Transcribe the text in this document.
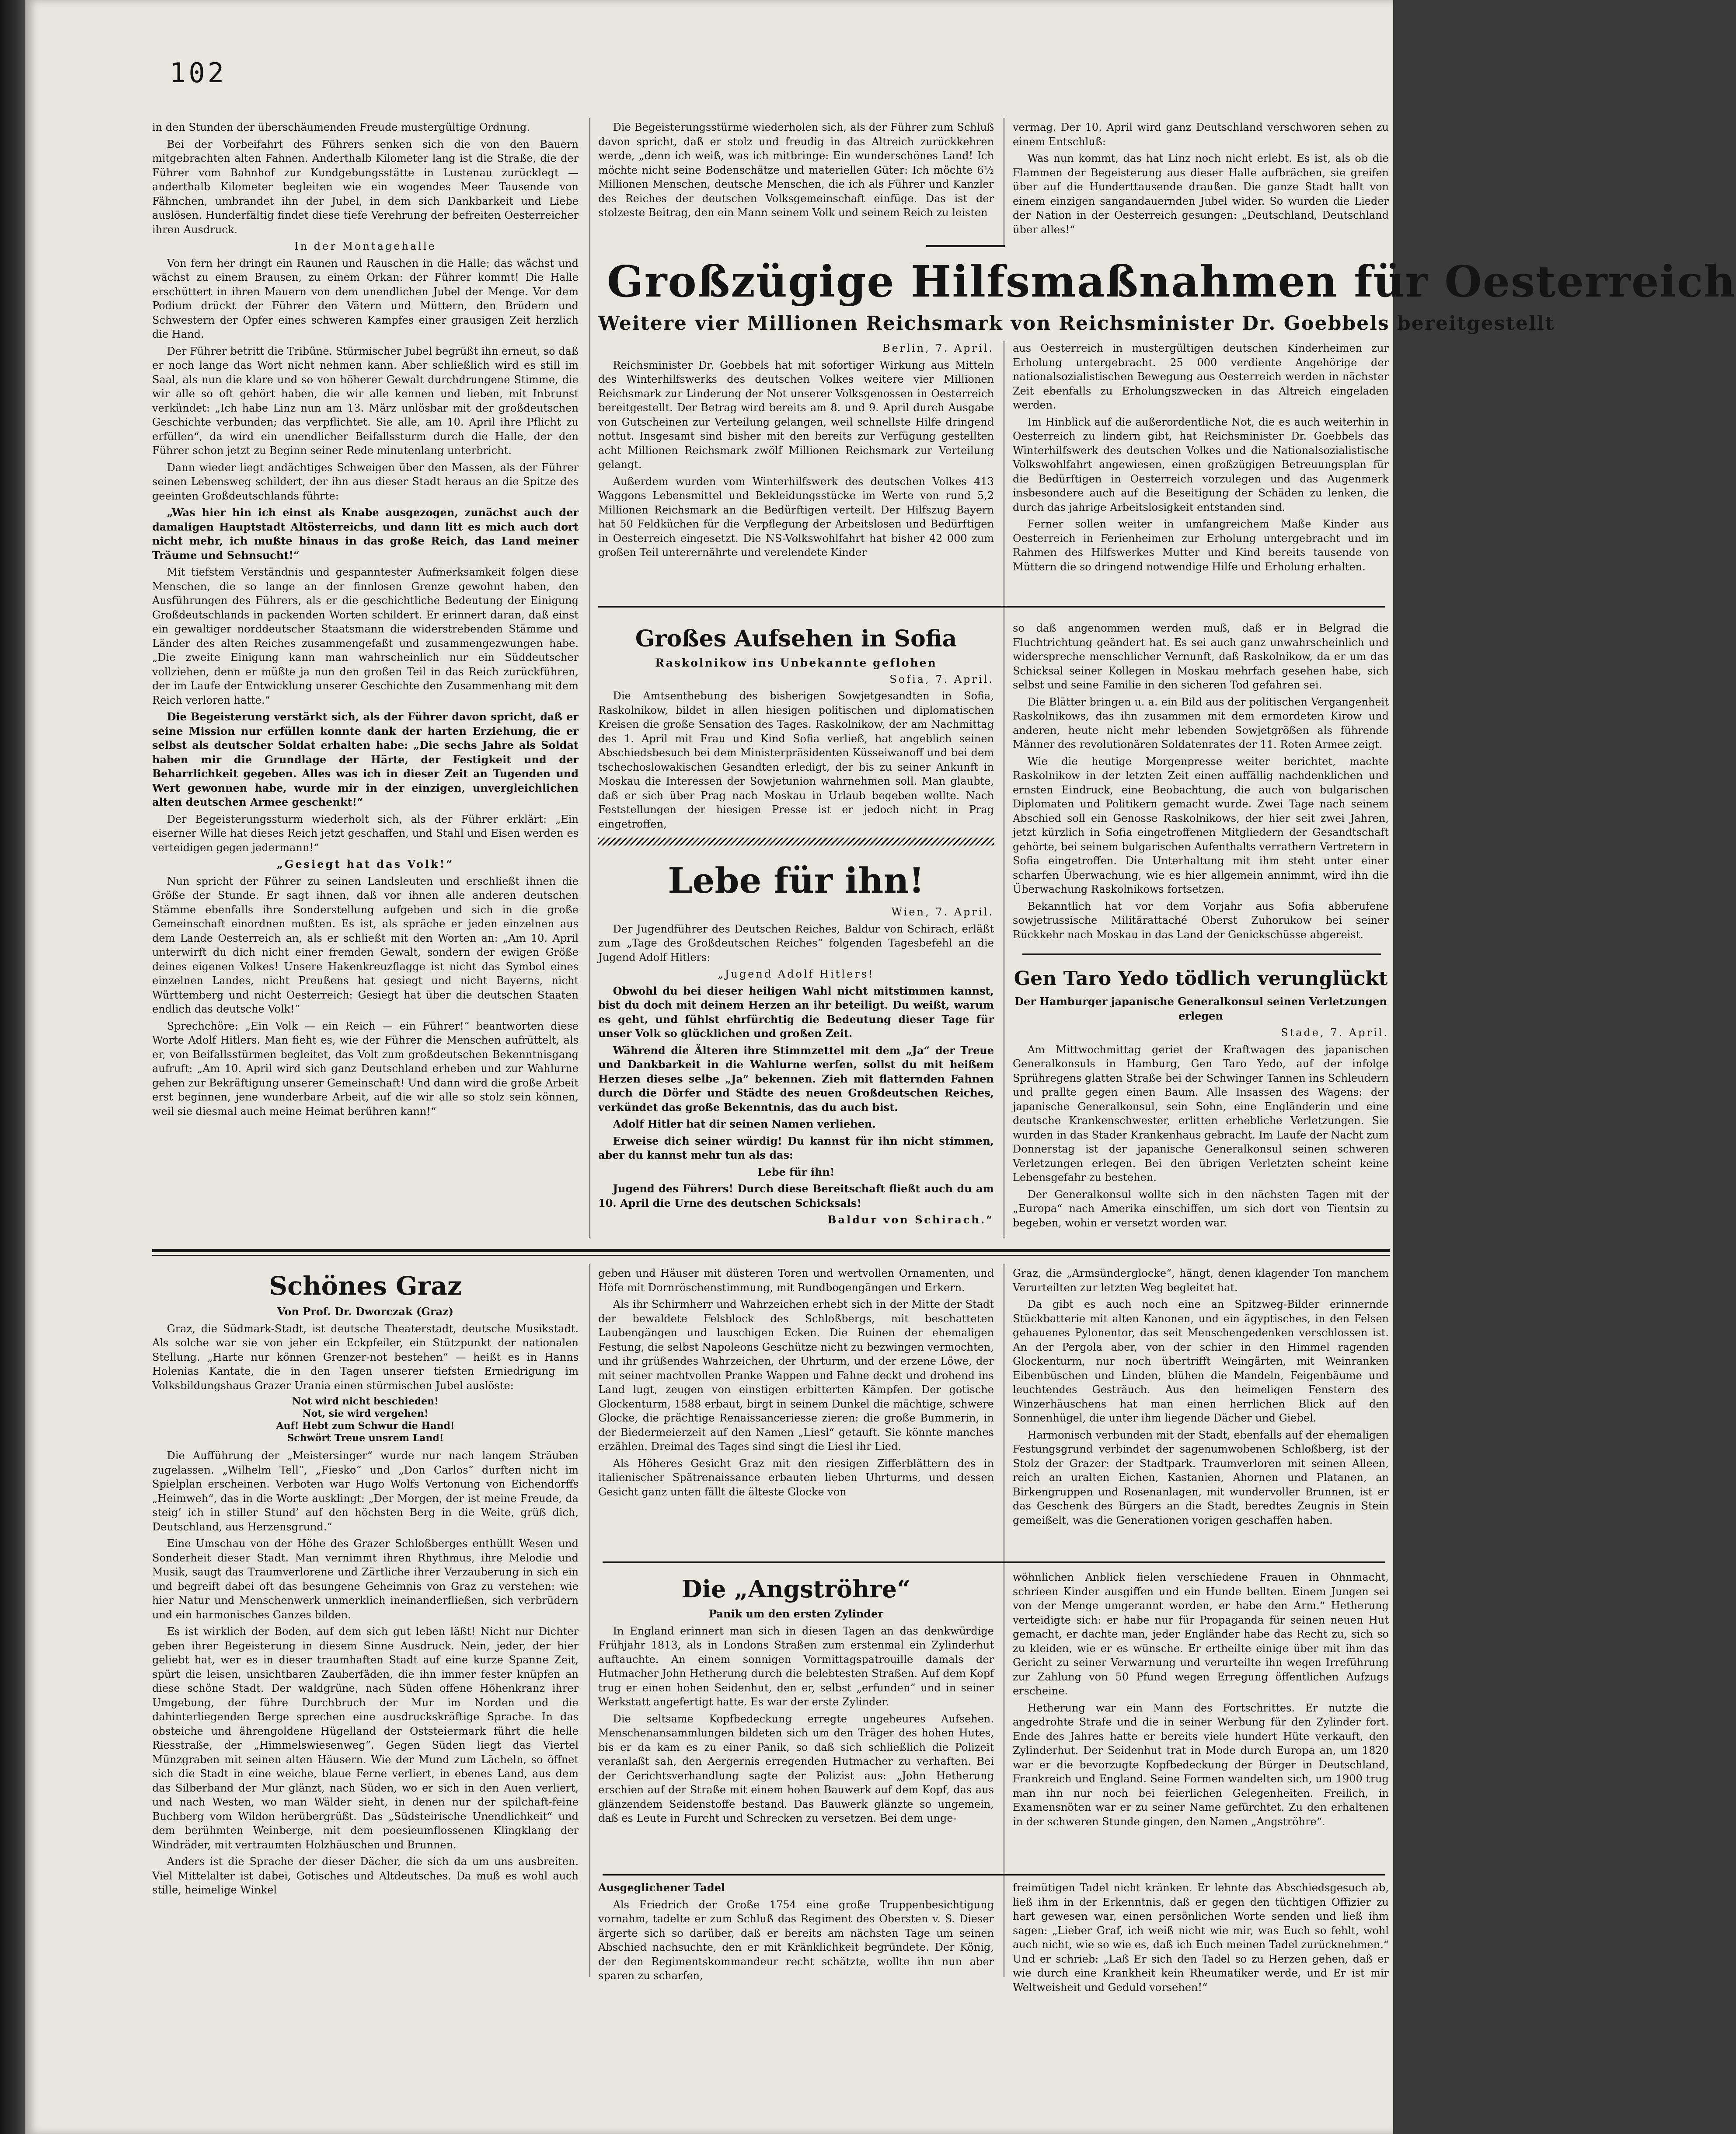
102

in den Stunden der überschäumenden Freude mustergültige Ordnung.

Bei der Vorbeifahrt des Führers senken sich die von den Bauern mitgebrachten alten Fahnen. Anderthalb Kilometer lang ist die Straße, die der Führer vom Bahnhof zur Kundgebungsstätte in Lustenau zurücklegt — anderthalb Kilometer begleiten wie ein wogendes Meer Tausende von Fähnchen, umbrandet ihn der Jubel, in dem sich Dankbarkeit und Liebe auslösen. Hunderfältig findet diese tiefe Verehrung der befreiten Oesterreicher ihren Ausdruck.

In der Montagehalle

Von fern her dringt ein Raunen und Rauschen in die Halle; das wächst und wächst zu einem Brausen, zu einem Orkan: der Führer kommt! Die Halle erschüttert in ihren Mauern von dem unendlichen Jubel der Menge. Vor dem Podium drückt der Führer den Vätern und Müttern, den Brüdern und Schwestern der Opfer eines schweren Kampfes einer grausigen Zeit herzlich die Hand.

Der Führer betritt die Tribüne. Stürmischer Jubel begrüßt ihn erneut, so daß er noch lange das Wort nicht nehmen kann. Aber schließlich wird es still im Saal, als nun die klare und so von höherer Gewalt durchdrungene Stimme, die wir alle so oft gehört haben, die wir alle kennen und lieben, mit Inbrunst verkündet: „Ich habe Linz nun am 13. März unlösbar mit der großdeutschen Geschichte verbunden; das verpflichtet. Sie alle, am 10. April ihre Pflicht zu erfüllen“, da wird ein unendlicher Beifallssturm durch die Halle, der den Führer schon jetzt zu Beginn seiner Rede minutenlang unterbricht.

Dann wieder liegt andächtiges Schweigen über den Massen, als der Führer seinen Lebensweg schildert, der ihn aus dieser Stadt heraus an die Spitze des geeinten Großdeutschlands führte:

„Was hier hin ich einst als Knabe ausgezogen, zunächst auch der damaligen Hauptstadt Altösterreichs, und dann litt es mich auch dort nicht mehr, ich mußte hinaus in das große Reich, das Land meiner Träume und Sehnsucht!“

Mit tiefstem Verständnis und gespanntester Aufmerksamkeit folgen diese Menschen, die so lange an der finnlosen Grenze gewohnt haben, den Ausführungen des Führers, als er die geschichtliche Bedeutung der Einigung Großdeutschlands in packenden Worten schildert. Er erinnert daran, daß einst ein gewaltiger norddeutscher Staatsmann die widerstrebenden Stämme und Länder des alten Reiches zusammengefaßt und zusammengezwungen habe. „Die zweite Einigung kann man wahrscheinlich nur ein Süddeutscher vollziehen, denn er müßte ja nun den großen Teil in das Reich zurückführen, der im Laufe der Entwicklung unserer Geschichte den Zusammenhang mit dem Reich verloren hatte.“

Die Begeisterung verstärkt sich, als der Führer davon spricht, daß er seine Mission nur erfüllen konnte dank der harten Erziehung, die er selbst als deutscher Soldat erhalten habe: „Die sechs Jahre als Soldat haben mir die Grundlage der Härte, der Festigkeit und der Beharrlichkeit gegeben. Alles was ich in dieser Zeit an Tugenden und Wert gewonnen habe, wurde mir in der einzigen, unvergleichlichen alten deutschen Armee geschenkt!“

Der Begeisterungssturm wiederholt sich, als der Führer erklärt: „Ein eiserner Wille hat dieses Reich jetzt geschaffen, und Stahl und Eisen werden es verteidigen gegen jedermann!“

„Gesiegt hat das Volk!“

Nun spricht der Führer zu seinen Landsleuten und erschließt ihnen die Größe der Stunde. Er sagt ihnen, daß vor ihnen alle anderen deutschen Stämme ebenfalls ihre Sonderstellung aufgeben und sich in die große Gemeinschaft einordnen mußten. Es ist, als spräche er jeden einzelnen aus dem Lande Oesterreich an, als er schließt mit den Worten an: „Am 10. April unterwirft du dich nicht einer fremden Gewalt, sondern der ewigen Größe deines eigenen Volkes! Unsere Hakenkreuzflagge ist nicht das Symbol eines einzelnen Landes, nicht Preußens hat gesiegt und nicht Bayerns, nicht Württemberg und nicht Oesterreich: Gesiegt hat über die deutschen Staaten endlich das deutsche Volk!“

Sprechchöre: „Ein Volk — ein Reich — ein Führer!“ beantworten diese Worte Adolf Hitlers. Man fieht es, wie der Führer die Menschen aufrüttelt, als er, von Beifallsstürmen begleitet, das Volt zum großdeutschen Bekenntnisgang aufruft: „Am 10. April wird sich ganz Deutschland erheben und zur Wahlurne gehen zur Bekräftigung unserer Gemeinschaft! Und dann wird die große Arbeit erst beginnen, jene wunderbare Arbeit, auf die wir alle so stolz sein können, weil sie diesmal auch meine Heimat berühren kann!“

Die Begeisterungsstürme wiederholen sich, als der Führer zum Schluß davon spricht, daß er stolz und freudig in das Altreich zurückkehren werde, „denn ich weiß, was ich mitbringe: Ein wunderschönes Land! Ich möchte nicht seine Bodenschätze und materiellen Güter: Ich möchte 6½ Millionen Menschen, deutsche Menschen, die ich als Führer und Kanzler des Reiches der deutschen Volksgemeinschaft einfüge. Das ist der stolzeste Beitrag, den ein Mann seinem Volk und seinem Reich zu leisten

vermag. Der 10. April wird ganz Deutschland verschworen sehen zu einem Entschluß:

Was nun kommt, das hat Linz noch nicht erlebt. Es ist, als ob die Flammen der Begeisterung aus dieser Halle aufbrächen, sie greifen über auf die Hunderttausende draußen. Die ganze Stadt hallt von einem einzigen sangandauernden Jubel wider. So wurden die Lieder der Nation in der Oesterreich gesungen: „Deutschland, Deutschland über alles!“

Großzügige Hilfsmaßnahmen für Oesterreich
Weitere vier Millionen Reichsmark von Reichsminister Dr. Goebbels bereitgestellt

Berlin, 7. April.

Reichsminister Dr. Goebbels hat mit sofortiger Wirkung aus Mitteln des Winterhilfswerks des deutschen Volkes weitere vier Millionen Reichsmark zur Linderung der Not unserer Volksgenossen in Oesterreich bereitgestellt. Der Betrag wird bereits am 8. und 9. April durch Ausgabe von Gutscheinen zur Verteilung gelangen, weil schnellste Hilfe dringend nottut. Insgesamt sind bisher mit den bereits zur Verfügung gestellten acht Millionen Reichsmark zwölf Millionen Reichsmark zur Verteilung gelangt.

Außerdem wurden vom Winterhilfswerk des deutschen Volkes 413 Waggons Lebensmittel und Bekleidungsstücke im Werte von rund 5,2 Millionen Reichsmark an die Bedürftigen verteilt. Der Hilfszug Bayern hat 50 Feldküchen für die Verpflegung der Arbeitslosen und Bedürftigen in Oesterreich eingesetzt. Die NS-Volkswohlfahrt hat bisher 42 000 zum großen Teil unterernährte und verelendete Kinder

aus Oesterreich in mustergültigen deutschen Kinderheimen zur Erholung untergebracht. 25 000 verdiente Angehörige der nationalsozialistischen Bewegung aus Oesterreich werden in nächster Zeit ebenfalls zu Erholungszwecken in das Altreich eingeladen werden.

Im Hinblick auf die außerordentliche Not, die es auch weiterhin in Oesterreich zu lindern gibt, hat Reichsminister Dr. Goebbels das Winterhilfswerk des deutschen Volkes und die Nationalsozialistische Volkswohlfahrt angewiesen, einen großzügigen Betreuungsplan für die Bedürftigen in Oesterreich vorzulegen und das Augenmerk insbesondere auch auf die Beseitigung der Schäden zu lenken, die durch das jahrige Arbeitslosigkeit entstanden sind.

Ferner sollen weiter in umfangreichem Maße Kinder aus Oesterreich in Ferienheimen zur Erholung untergebracht und im Rahmen des Hilfswerkes Mutter und Kind bereits tausende von Müttern die so dringend notwendige Hilfe und Erholung erhalten.

Großes Aufsehen in Sofia
Raskolnikow ins Unbekannte geflohen

Sofia, 7. April.

Die Amtsenthebung des bisherigen Sowjetgesandten in Sofia, Raskolnikow, bildet in allen hiesigen politischen und diplomatischen Kreisen die große Sensation des Tages. Raskolnikow, der am Nachmittag des 1. April mit Frau und Kind Sofia verließ, hat angeblich seinen Abschiedsbesuch bei dem Ministerpräsidenten Küsseiwanoff und bei dem tschechoslowakischen Gesandten erledigt, der bis zu seiner Ankunft in Moskau die Interessen der Sowjetunion wahrnehmen soll. Man glaubte, daß er sich über Prag nach Moskau in Urlaub begeben wollte. Nach Feststellungen der hiesigen Presse ist er jedoch nicht in Prag eingetroffen,

so daß angenommen werden muß, daß er in Belgrad die Fluchtrichtung geändert hat. Es sei auch ganz unwahrscheinlich und widerspreche menschlicher Vernunft, daß Raskolnikow, da er um das Schicksal seiner Kollegen in Moskau mehrfach gesehen habe, sich selbst und seine Familie in den sicheren Tod gefahren sei.

Die Blätter bringen u. a. ein Bild aus der politischen Vergangenheit Raskolnikows, das ihn zusammen mit dem ermordeten Kirow und anderen, heute nicht mehr lebenden Sowjetgrößen als führende Männer des revolutionären Soldatenrates der 11. Roten Armee zeigt.

Wie die heutige Morgenpresse weiter berichtet, machte Raskolnikow in der letzten Zeit einen auffällig nachdenklichen und ernsten Eindruck, eine Beobachtung, die auch von bulgarischen Diplomaten und Politikern gemacht wurde. Zwei Tage nach seinem Abschied soll ein Genosse Raskolnikows, der hier seit zwei Jahren, jetzt kürzlich in Sofia eingetroffenen Mitgliedern der Gesandtschaft gehörte, bei seinem bulgarischen Aufenthalts verrathern Vertretern in Sofia eingetroffen. Die Unterhaltung mit ihm steht unter einer scharfen Überwachung, wie es hier allgemein annimmt, wird ihn die Überwachung Raskolnikows fortsetzen.

Bekanntlich hat vor dem Vorjahr aus Sofia abberufene sowjetrussische Militärattaché Oberst Zuhorukow bei seiner Rückkehr nach Moskau in das Land der Genickschüsse abgereist.

Lebe für ihn!

Wien, 7. April.

Der Jugendführer des Deutschen Reiches, Baldur von Schirach, erläßt zum „Tage des Großdeutschen Reiches“ folgenden Tagesbefehl an die Jugend Adolf Hitlers:

„Jugend Adolf Hitlers!

Obwohl du bei dieser heiligen Wahl nicht mitstimmen kannst, bist du doch mit deinem Herzen an ihr beteiligt. Du weißt, warum es geht, und fühlst ehrfürchtig die Bedeutung dieser Tage für unser Volk so glücklichen und großen Zeit.

Während die Älteren ihre Stimmzettel mit dem „Ja“ der Treue und Dankbarkeit in die Wahlurne werfen, sollst du mit heißem Herzen dieses selbe „Ja“ bekennen. Zieh mit flatternden Fahnen durch die Dörfer und Städte des neuen Großdeutschen Reiches, verkündet das große Bekenntnis, das du auch bist.

Adolf Hitler hat dir seinen Namen verliehen.

Erweise dich seiner würdig! Du kannst für ihn nicht stimmen, aber du kannst mehr tun als das:

Lebe für ihn!

Jugend des Führers! Durch diese Bereitschaft fließt auch du am 10. April die Urne des deutschen Schicksals!

Baldur von Schirach.“

Gen Taro Yedo tödlich verunglückt

Der Hamburger japanische Generalkonsul seinen Verletzungen erlegen

Stade, 7. April.

Am Mittwochmittag geriet der Kraftwagen des japanischen Generalkonsuls in Hamburg, Gen Taro Yedo, auf der infolge Sprühregens glatten Straße bei der Schwinger Tannen ins Schleudern und prallte gegen einen Baum. Alle Insassen des Wagens: der japanische Generalkonsul, sein Sohn, eine Engländerin und eine deutsche Krankenschwester, erlitten erhebliche Verletzungen. Sie wurden in das Stader Krankenhaus gebracht. Im Laufe der Nacht zum Donnerstag ist der japanische Generalkonsul seinen schweren Verletzungen erlegen. Bei den übrigen Verletzten scheint keine Lebensgefahr zu bestehen.

Der Generalkonsul wollte sich in den nächsten Tagen mit der „Europa“ nach Amerika einschiffen, um sich dort von Tientsin zu begeben, wohin er versetzt worden war.

Schönes Graz

Von Prof. Dr. Dworczak (Graz)

Graz, die Südmark-Stadt, ist deutsche Theaterstadt, deutsche Musikstadt. Als solche war sie von jeher ein Eckpfeiler, ein Stützpunkt der nationalen Stellung. „Harte nur können Grenzer-not bestehen“ — heißt es in Hanns Holenias Kantate, die in den Tagen unserer tiefsten Erniedrigung im Volksbildungshaus Grazer Urania einen stürmischen Jubel auslöste:

Not wird nicht beschieden!

Not, sie wird vergehen!

Auf! Hebt zum Schwur die Hand!

Schwört Treue unsrem Land!

Die Aufführung der „Meistersinger“ wurde nur nach langem Sträuben zugelassen. „Wilhelm Tell“, „Fiesko“ und „Don Carlos“ durften nicht im Spielplan erscheinen. Verboten war Hugo Wolfs Vertonung von Eichendorffs „Heimweh“, das in die Worte ausklingt: „Der Morgen, der ist meine Freude, da steig’ ich in stiller Stund’ auf den höchsten Berg in die Weite, grüß dich, Deutschland, aus Herzensgrund.“

Eine Umschau von der Höhe des Grazer Schloßberges enthüllt Wesen und Sonderheit dieser Stadt. Man vernimmt ihren Rhythmus, ihre Melodie und Musik, saugt das Traumverlorene und Zärtliche ihrer Verzauberung in sich ein und begreift dabei oft das besungene Geheimnis von Graz zu verstehen: wie hier Natur und Menschenwerk unmerklich ineinanderfließen, sich verbrüdern und ein harmonisches Ganzes bilden.

Es ist wirklich der Boden, auf dem sich gut leben läßt! Nicht nur Dichter geben ihrer Begeisterung in diesem Sinne Ausdruck. Nein, jeder, der hier geliebt hat, wer es in dieser traumhaften Stadt auf eine kurze Spanne Zeit, spürt die leisen, unsichtbaren Zauberfäden, die ihn immer fester knüpfen an diese schöne Stadt. Der waldgrüne, nach Süden offene Höhenkranz ihrer Umgebung, der führe Durchbruch der Mur im Norden und die dahinterliegenden Berge sprechen eine ausdruckskräftige Sprache. In das obsteiche und ährengoldene Hügelland der Oststeiermark führt die helle Riesstraße, der „Himmelswiesenweg“. Gegen Süden liegt das Viertel Münzgraben mit seinen alten Häusern. Wie der Mund zum Lächeln, so öffnet sich die Stadt in eine weiche, blaue Ferne verliert, in ebenes Land, aus dem das Silberband der Mur glänzt, nach Süden, wo er sich in den Auen verliert, und nach Westen, wo man Wälder sieht, in denen nur der spilchaft-feine Buchberg vom Wildon herübergrüßt. Das „Südsteirische Unendlichkeit“ und dem berühmten Weinberge, mit dem poesieumflossenen Klingklang der Windräder, mit vertraumten Holzhäuschen und Brunnen.

Anders ist die Sprache der dieser Dächer, die sich da um uns ausbreiten. Viel Mittelalter ist dabei, Gotisches und Altdeutsches. Da muß es wohl auch stille, heimelige Winkel

geben und Häuser mit düsteren Toren und wertvollen Ornamenten, und Höfe mit Dornröschenstimmung, mit Rundbogengängen und Erkern.

Als ihr Schirmherr und Wahrzeichen erhebt sich in der Mitte der Stadt der bewaldete Felsblock des Schloßbergs, mit beschatteten Laubengängen und lauschigen Ecken. Die Ruinen der ehemaligen Festung, die selbst Napoleons Geschütze nicht zu bezwingen vermochten, und ihr grüßendes Wahrzeichen, der Uhrturm, und der erzene Löwe, der mit seiner machtvollen Pranke Wappen und Fahne deckt und drohend ins Land lugt, zeugen von einstigen erbitterten Kämpfen. Der gotische Glockenturm, 1588 erbaut, birgt in seinem Dunkel die mächtige, schwere Glocke, die prächtige Renaissanceriesse zieren: die große Bummerin, in der Biedermeierzeit auf den Namen „Liesl“ getauft. Sie könnte manches erzählen. Dreimal des Tages sind singt die Liesl ihr Lied.

Als Höheres Gesicht Graz mit den riesigen Zifferblättern des in italienischer Spätrenaissance erbauten lieben Uhrturms, und dessen Gesicht ganz unten fällt die älteste Glocke von

Graz, die „Armsünderglocke“, hängt, denen klagender Ton manchem Verurteilten zur letzten Weg begleitet hat.

Da gibt es auch noch eine an Spitzweg-Bilder erinnernde Stückbatterie mit alten Kanonen, und ein ägyptisches, in den Felsen gehauenes Pylonentor, das seit Menschengedenken verschlossen ist. An der Pergola aber, von der schier in den Himmel ragenden Glockenturm, nur noch übertrifft Weingärten, mit Weinranken Eibenbüschen und Linden, blühen die Mandeln, Feigenbäume und leuchtendes Gesträuch. Aus den heimeligen Fenstern des Winzerhäuschens hat man einen herrlichen Blick auf den Sonnenhügel, die unter ihm liegende Dächer und Giebel.

Harmonisch verbunden mit der Stadt, ebenfalls auf der ehemaligen Festungsgrund verbindet der sagenumwobenen Schloßberg, ist der Stolz der Grazer: der Stadtpark. Traumverloren mit seinen Alleen, reich an uralten Eichen, Kastanien, Ahornen und Platanen, an Birkengruppen und Rosenanlagen, mit wundervoller Brunnen, ist er das Geschenk des Bürgers an die Stadt, beredtes Zeugnis in Stein gemeißelt, was die Generationen vorigen geschaffen haben.

Die „Angströhre“

Panik um den ersten Zylinder

In England erinnert man sich in diesen Tagen an das denkwürdige Frühjahr 1813, als in Londons Straßen zum erstenmal ein Zylinderhut auftauchte. An einem sonnigen Vormittagspatrouille damals der Hutmacher John Hetherung durch die belebtesten Straßen. Auf dem Kopf trug er einen hohen Seidenhut, den er, selbst „erfunden“ und in seiner Werkstatt angefertigt hatte. Es war der erste Zylinder.

Die seltsame Kopfbedeckung erregte ungeheures Aufsehen. Menschenansammlungen bildeten sich um den Träger des hohen Hutes, bis er da kam es zu einer Panik, so daß sich schließlich die Polizeit veranlaßt sah, den Aergernis erregenden Hutmacher zu verhaften. Bei der Gerichtsverhandlung sagte der Polizist aus: „John Hetherung erschien auf der Straße mit einem hohen Bauwerk auf dem Kopf, das aus glänzendem Seidenstoffe bestand. Das Bauwerk glänzte so ungemein, daß es Leute in Furcht und Schrecken zu versetzen. Bei dem unge-

wöhnlichen Anblick fielen verschiedene Frauen in Ohnmacht, schrieen Kinder ausgiffen und ein Hunde bellten. Einem Jungen sei von der Menge umgerannt worden, er habe den Arm.“ Hetherung verteidigte sich: er habe nur für Propaganda für seinen neuen Hut gemacht, er dachte man, jeder Engländer habe das Recht zu, sich so zu kleiden, wie er es wünsche. Er ertheilte einige über mit ihm das Gericht zu seiner Verwarnung und verurteilte ihn wegen Irreführung zur Zahlung von 50 Pfund wegen Erregung öffentlichen Aufzugs erscheine.

Hetherung war ein Mann des Fortschrittes. Er nutzte die angedrohte Strafe und die in seiner Werbung für den Zylinder fort. Ende des Jahres hatte er bereits viele hundert Hüte verkauft, den Zylinderhut. Der Seidenhut trat in Mode durch Europa an, um 1820 war er die bevorzugte Kopfbedeckung der Bürger in Deutschland, Frankreich und England. Seine Formen wandelten sich, um 1900 trug man ihn nur noch bei feierlichen Gelegenheiten. Freilich, in Examensnöten war er zu seiner Name gefürchtet. Zu den erhaltenen in der schweren Stunde gingen, den Namen „Angströhre“.

Ausgeglichener Tadel

Als Friedrich der Große 1754 eine große Truppenbesichtigung vornahm, tadelte er zum Schluß das Regiment des Obersten v. S. Dieser ärgerte sich so darüber, daß er bereits am nächsten Tage um seinen Abschied nachsuchte, den er mit Kränklichkeit begründete. Der König, der den Regimentskommandeur recht schätzte, wollte ihn nun aber sparen zu scharfen,

freimütigen Tadel nicht kränken. Er lehnte das Abschiedsgesuch ab, ließ ihm in der Erkenntnis, daß er gegen den tüchtigen Offizier zu hart gewesen war, einen persönlichen Worte senden und ließ ihm sagen: „Lieber Graf, ich weiß nicht wie mir, was Euch so fehlt, wohl auch nicht, wie so wie es, daß ich Euch meinen Tadel zurücknehmen.“ Und er schrieb: „Laß Er sich den Tadel so zu Herzen gehen, daß er wie durch eine Krankheit kein Rheumatiker werde, und Er ist mir Weltweisheit und Geduld vorsehen!“
